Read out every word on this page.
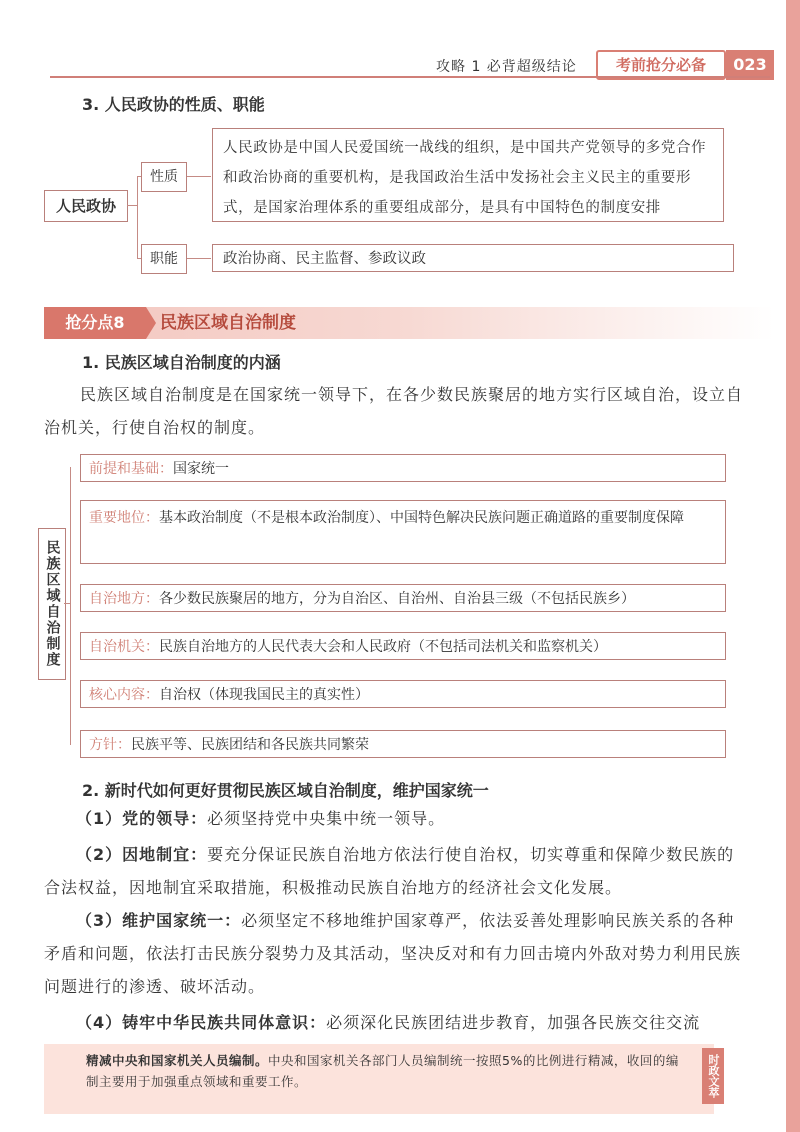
攻略 1 必背超级结论	考前抢分必备	023
3. 人民政协的性质、职能
人民政协
性质
人民政协是中国人民爱国统一战线的组织，是中国共产党领导的多党合作和政治协商的重要机构，是我国政治生活中发扬社会主义民主的重要形式，是国家治理体系的重要组成部分，是具有中国特色的制度安排
职能	政治协商、民主监督、参政议政
抢分点8	民族区域自治制度
1. 民族区域自治制度的内涵
民族区域自治制度是在国家统一领导下，在各少数民族聚居的地方实行区域自治，设立自治机关，行使自治权的制度。
民族区域自治制度
前提和基础：国家统一
重要地位：基本政治制度（不是根本政治制度）、中国特色解决民族问题正确道路的重要制度保障
自治地方：各少数民族聚居的地方，分为自治区、自治州、自治县三级（不包括民族乡）
自治机关：民族自治地方的人民代表大会和人民政府（不包括司法机关和监察机关）
核心内容：自治权（体现我国民主的真实性）
方针：民族平等、民族团结和各民族共同繁荣
2. 新时代如何更好贯彻民族区域自治制度，维护国家统一
（1）党的领导：必须坚持党中央集中统一领导。
（2）因地制宜：要充分保证民族自治地方依法行使自治权，切实尊重和保障少数民族的合法权益，因地制宜采取措施，积极推动民族自治地方的经济社会文化发展。
（3）维护国家统一：必须坚定不移地维护国家尊严，依法妥善处理影响民族关系的各种矛盾和问题，依法打击民族分裂势力及其活动，坚决反对和有力回击境内外敌对势力利用民族问题进行的渗透、破坏活动。
（4）铸牢中华民族共同体意识：必须深化民族团结进步教育，加强各民族交往交流
精减中央和国家机关人员编制。中央和国家机关各部门人员编制统一按照5%的比例进行精减，收回的编制主要用于加强重点领域和重要工作。	时政文萃
